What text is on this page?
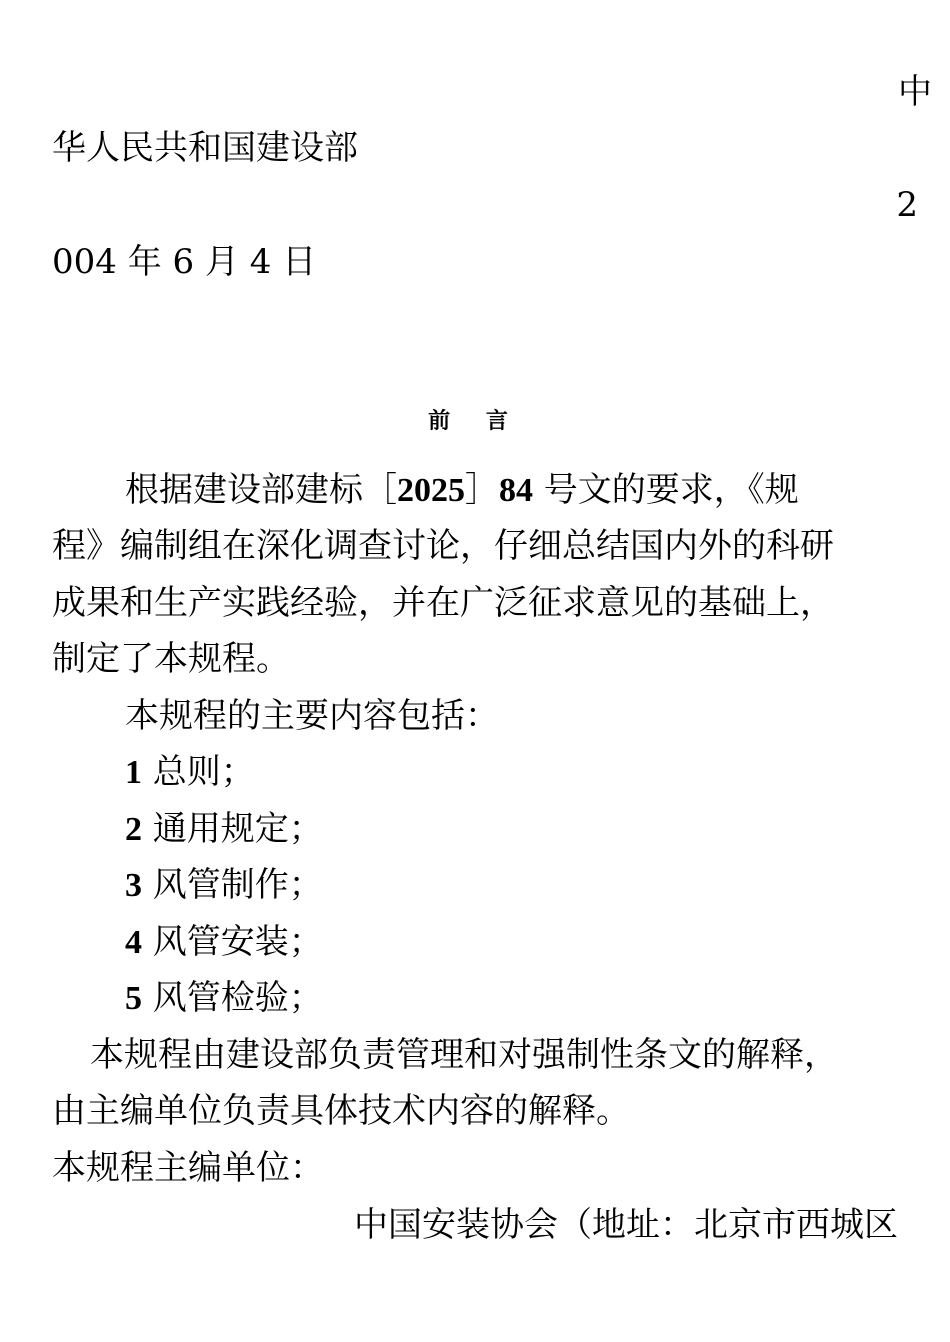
中
华人民共和国建设部
2
004 年 6 月 4 日
前 言
根据建设部建标［2025］84 号文的要求，《规
程》编制组在深化调查讨论，仔细总结国内外的科研
成果和生产实践经验，并在广泛征求意见的基础上，
制定了本规程。
本规程的主要内容包括：
1 总则；
2 通用规定；
3 风管制作；
4 风管安装；
5 风管检验；
本规程由建设部负责管理和对强制性条文的解释，
由主编单位负责具体技术内容的解释。
本规程主编单位：
中国安装协会（地址：北京市西城区
